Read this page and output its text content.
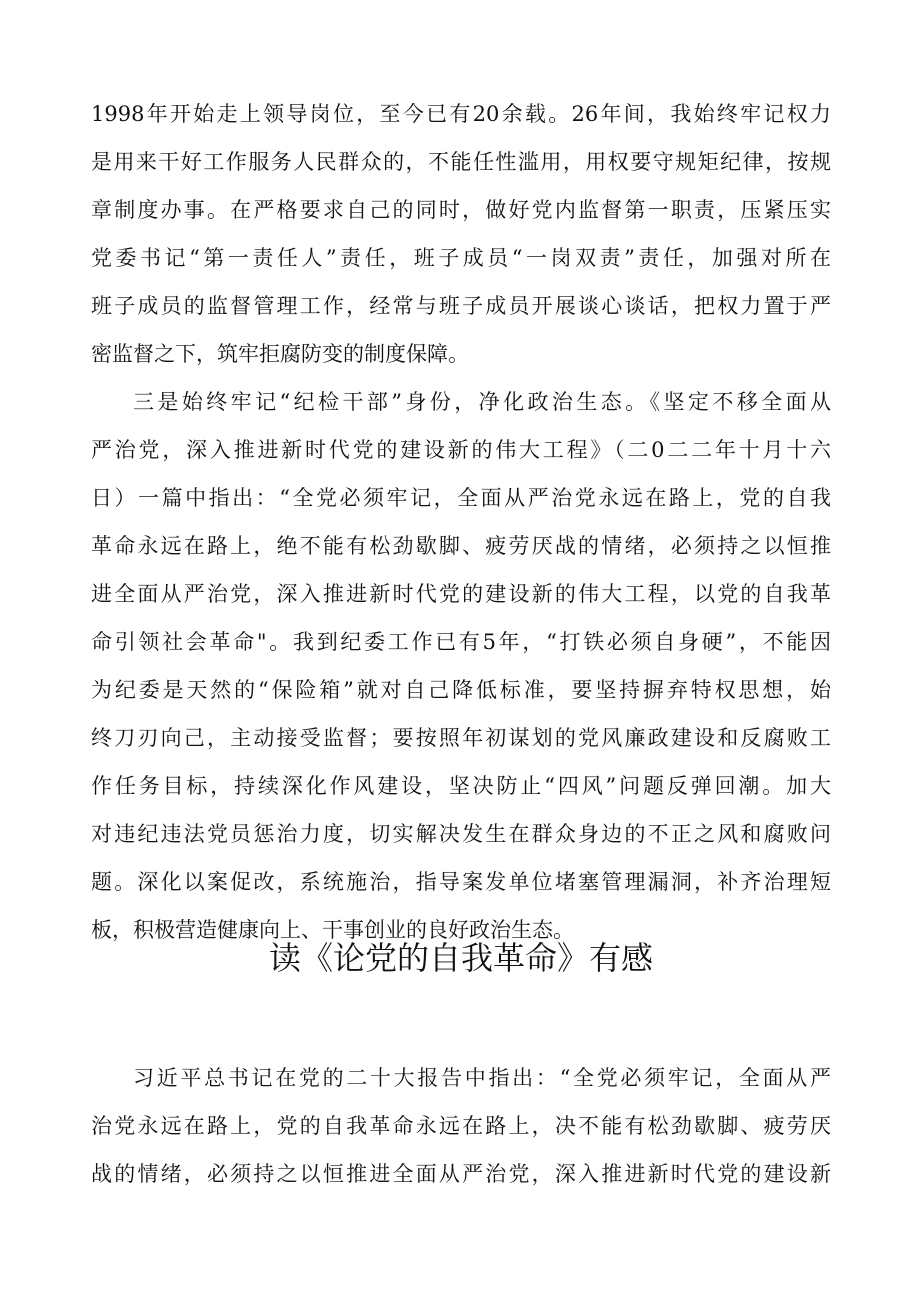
1998年开始走上领导岗位，至今已有20余载。26年间，我始终牢记权力
是用来干好工作服务人民群众的，不能任性滥用，用权要守规矩纪律，按规
章制度办事。在严格要求自己的同时，做好党内监督第一职责，压紧压实
党委书记“第一责任人”责任，班子成员“一岗双责”责任，加强对所在
班子成员的监督管理工作，经常与班子成员开展谈心谈话，把权力置于严
密监督之下，筑牢拒腐防变的制度保障。
三是始终牢记“纪检干部”身份，净化政治生态。《坚定不移全面从
严治党，深入推进新时代党的建设新的伟大工程》（二0二二年十月十六
日）一篇中指出：“全党必须牢记，全面从严治党永远在路上，党的自我
革命永远在路上，绝不能有松劲歇脚、疲劳厌战的情绪，必须持之以恒推
进全面从严治党，深入推进新时代党的建设新的伟大工程，以党的自我革
命引领社会革命"。我到纪委工作已有5年，“打铁必须自身硬”，不能因
为纪委是天然的“保险箱”就对自己降低标准，要坚持摒弃特权思想，始
终刀刃向己，主动接受监督；要按照年初谋划的党风廉政建设和反腐败工
作任务目标，持续深化作风建设，坚决防止“四风”问题反弹回潮。加大
对违纪违法党员惩治力度，切实解决发生在群众身边的不正之风和腐败问
题。深化以案促改，系统施治，指导案发单位堵塞管理漏洞，补齐治理短
板，积极营造健康向上、干事创业的良好政治生态。
读《论党的自我革命》有感
习近平总书记在党的二十大报告中指出：“全党必须牢记，全面从严
治党永远在路上，党的自我革命永远在路上，决不能有松劲歇脚、疲劳厌
战的情绪，必须持之以恒推进全面从严治党，深入推进新时代党的建设新
